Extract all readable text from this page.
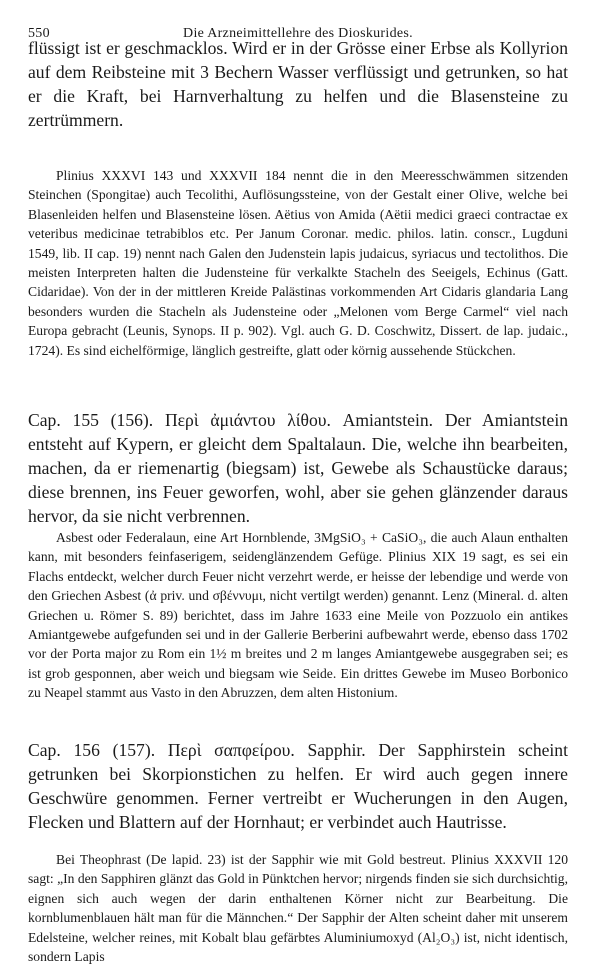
550	Die Arzneimittellehre des Dioskurides.

flüssigt ist er geschmacklos. Wird er in der Grösse einer Erbse als Kollyrion auf dem Reibsteine mit 3 Bechern Wasser verflüssigt und getrunken, so hat er die Kraft, bei Harnverhaltung zu helfen und die Blasensteine zu zertrümmern.

Plinius XXXVI 143 und XXXVII 184 nennt die in den Meeresschwämmen sitzenden Steinchen (Spongitae) auch Tecolithi, Auflösungssteine, von der Gestalt einer Olive, welche bei Blasenleiden helfen und Blasensteine lösen. Aëtius von Amida (Aëtii medici graeci contractae ex veteribus medicinae tetrabiblos etc. Per Janum Coronar. medic. philos. latin. conscr., Lugduni 1549, lib. II cap. 19) nennt nach Galen den Judenstein lapis judaicus, syriacus und tectolithos. Die meisten Interpreten halten die Judensteine für verkalkte Stacheln des Seeigels, Echinus (Gatt. Cidaridae). Von der in der mittleren Kreide Palästinas vorkommenden Art Cidaris glandaria Lang besonders wurden die Stacheln als Judensteine oder „Melonen vom Berge Carmel“ viel nach Europa gebracht (Leunis, Synops. II p. 902). Vgl. auch G. D. Coschwitz, Dissert. de lap. judaic., 1724). Es sind eichelförmige, länglich gestreifte, glatt oder körnig aussehende Stückchen.

Cap. 155 (156). Περὶ ἀμιάντου λίθου. Amiantstein. Der Amiantstein entsteht auf Kypern, er gleicht dem Spaltalaun. Die, welche ihn bearbeiten, machen, da er riemenartig (biegsam) ist, Gewebe als Schaustücke daraus; diese brennen, ins Feuer geworfen, wohl, aber sie gehen glänzender daraus hervor, da sie nicht verbrennen.

Asbest oder Federalaun, eine Art Hornblende, 3MgSiO₃ + CaSiO₃, die auch Alaun enthalten kann, mit besonders feinfaserigem, seidenglänzendem Gefüge. Plinius XIX 19 sagt, es sei ein Flachs entdeckt, welcher durch Feuer nicht verzehrt werde, er heisse der lebendige und werde von den Griechen Asbest (ἀ priv. und σβέννυμι, nicht vertilgt werden) genannt. Lenz (Mineral. d. alten Griechen u. Römer S. 89) berichtet, dass im Jahre 1633 eine Meile von Pozzuolo ein antikes Amiantgewebe aufgefunden sei und in der Gallerie Berberini aufbewahrt werde, ebenso dass 1702 vor der Porta major zu Rom ein 1½ m breites und 2 m langes Amiantgewebe ausgegraben sei; es ist grob gesponnen, aber weich und biegsam wie Seide. Ein drittes Gewebe im Museo Borbonico zu Neapel stammt aus Vasto in den Abruzzen, dem alten Histonium.

Cap. 156 (157). Περὶ σαπφείρου. Sapphir. Der Sapphirstein scheint getrunken bei Skorpionstichen zu helfen. Er wird auch gegen innere Geschwüre genommen. Ferner vertreibt er Wucherungen in den Augen, Flecken und Blattern auf der Hornhaut; er verbindet auch Hautrisse.

Bei Theophrast (De lapid. 23) ist der Sapphir wie mit Gold bestreut. Plinius XXXVII 120 sagt: „In den Sapphiren glänzt das Gold in Pünktchen hervor; nirgends finden sie sich durchsichtig, eignen sich auch wegen der darin enthaltenen Körner nicht zur Bearbeitung. Die kornblumenblauen hält man für die Männchen.“ Der Sapphir der Alten scheint daher mit unserem Edelsteine, welcher reines, mit Kobalt blau gefärbtes Aluminiumoxyd (Al₂O₃) ist, nicht identisch, sondern Lapis
